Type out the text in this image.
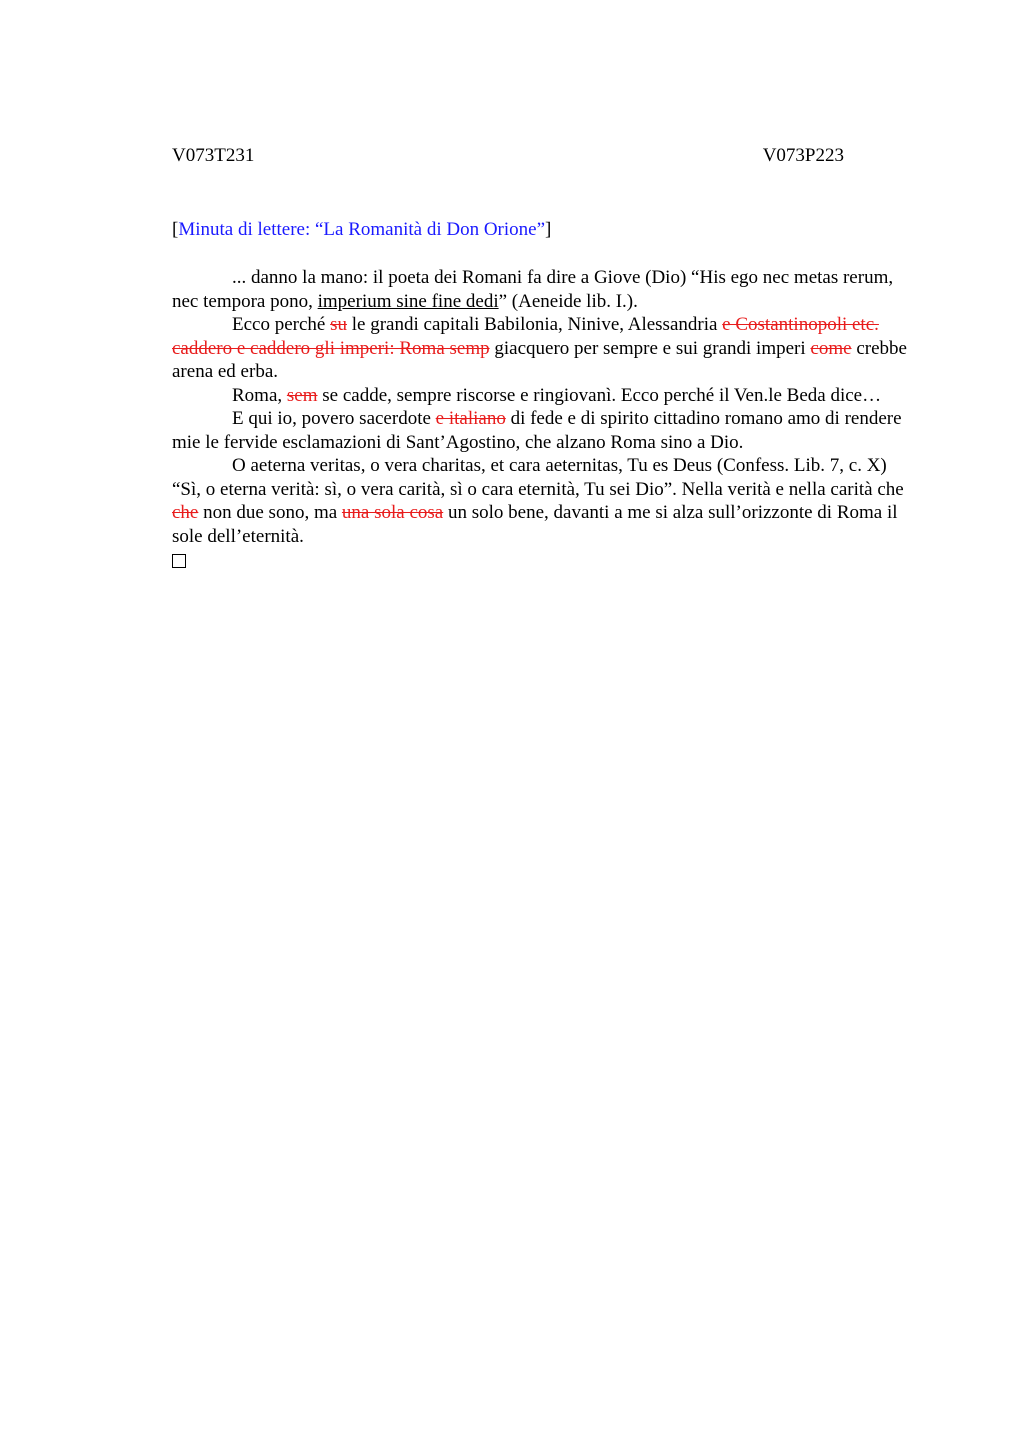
V073T231	V073P223
[Minuta di lettere: “La Romanità di Don Orione”]

... danno la mano: il poeta dei Romani fa dire a Giove (Dio) “His ego nec metas rerum, nec tempora pono, imperium sine fine dedi” (Aeneide lib. I.).

Ecco perché su le grandi capitali Babilonia, Ninive, Alessandria e Costantinopoli etc. caddero e caddero gli imperi: Roma semp giacquero per sempre e sui grandi imperi come crebbe arena ed erba.

Roma, sem se cadde, sempre riscorse e ringiovanì. Ecco perché il Ven.le Beda dice…

E qui io, povero sacerdote e italiano di fede e di spirito cittadino romano amo di rendere mie le fervide esclamazioni di Sant’Agostino, che alzano Roma sino a Dio.

O aeterna veritas, o vera charitas, et cara aeternitas, Tu es Deus (Confess. Lib. 7, c. X) “Sì, o eterna verità: sì, o vera carità, sì o cara eternità, Tu sei Dio”. Nella verità e nella carità che che non due sono, ma una sola cosa un solo bene, davanti a me si alza sull’orizzonte di Roma il sole dell’eternità.
